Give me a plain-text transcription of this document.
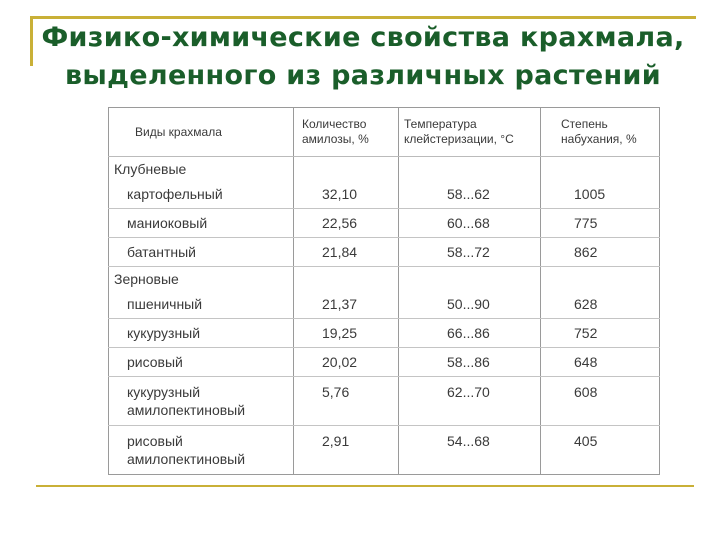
Физико-химические свойства крахмала, выделенного из различных растений
Виды крахмала	Количество амилозы, %	Температура клейстеризации, °С	Степень набухания, %
Клубневые			
картофельный	32,10	58...62	1005
маниоковый	22,56	60...68	775
батантный	21,84	58...72	862
Зерновые			
пшеничный	21,37	50...90	628
кукурузный	19,25	66...86	752
рисовый	20,02	58...86	648
кукурузный амилопектиновый	5,76	62...70	608
рисовый амилопектиновый	2,91	54...68	405
